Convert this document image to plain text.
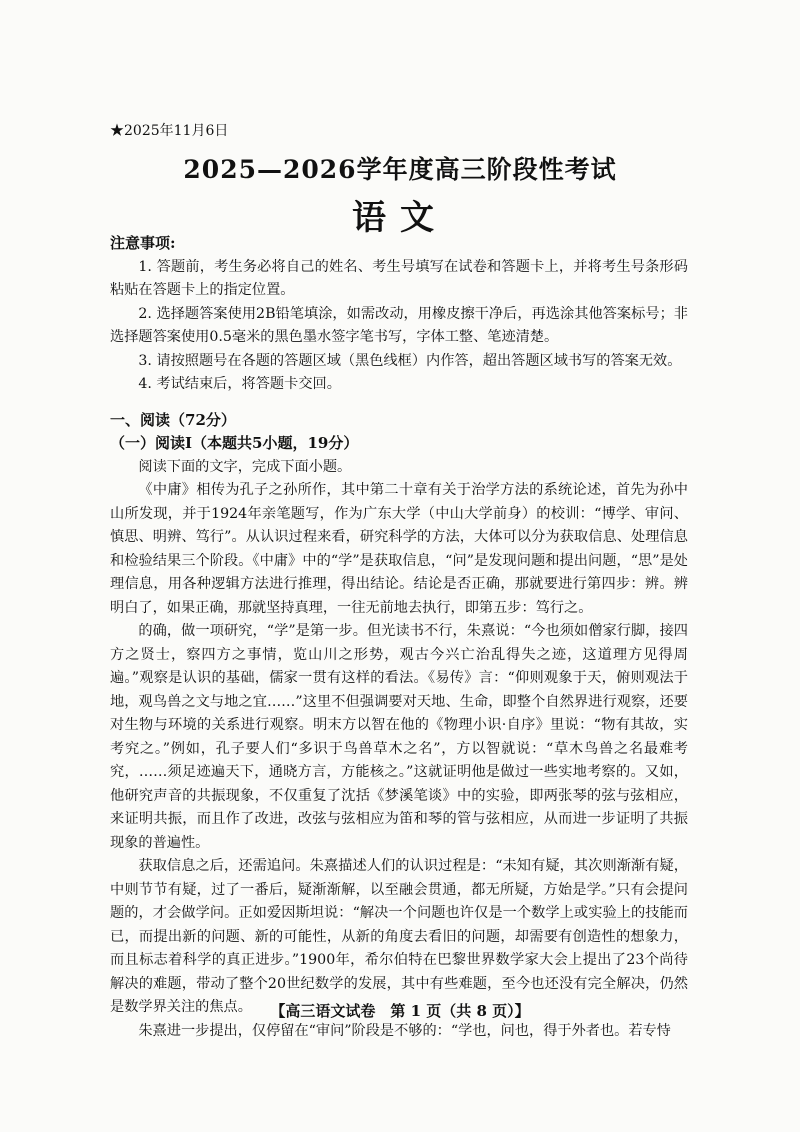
★2025年11月6日
2025—2026学年度高三阶段性考试
语文
注意事项:
1. 答题前，考生务必将自己的姓名、考生号填写在试卷和答题卡上，并将考生号条形码粘贴在答题卡上的指定位置。
2. 选择题答案使用2B铅笔填涂，如需改动，用橡皮擦干净后，再选涂其他答案标号；非选择题答案使用0.5毫米的黑色墨水签字笔书写，字体工整、笔迹清楚。
3. 请按照题号在各题的答题区域（黑色线框）内作答，超出答题区域书写的答案无效。
4. 考试结束后，将答题卡交回。
一、阅读（72分）
（一）阅读Ⅰ（本题共5小题，19分）
阅读下面的文字，完成下面小题。
《中庸》相传为孔子之孙所作，其中第二十章有关于治学方法的系统论述，首先为孙中山所发现，并于1924年亲笔题写，作为广东大学（中山大学前身）的校训：“博学、审问、慎思、明辨、笃行”。从认识过程来看，研究科学的方法，大体可以分为获取信息、处理信息和检验结果三个阶段。《中庸》中的“学”是获取信息，“问”是发现问题和提出问题，“思”是处理信息，用各种逻辑方法进行推理，得出结论。结论是否正确，那就要进行第四步：辨。辨明白了，如果正确，那就坚持真理，一往无前地去执行，即第五步：笃行之。
的确，做一项研究，“学”是第一步。但光读书不行，朱熹说：“今也须如僧家行脚，接四方之贤士，察四方之事情，览山川之形势，观古今兴亡治乱得失之迹，这道理方见得周遍。”观察是认识的基础，儒家一贯有这样的看法。《易传》言：“仰则观象于天，俯则观法于地，观鸟兽之文与地之宜……”这里不但强调要对天地、生命，即整个自然界进行观察，还要对生物与环境的关系进行观察。明末方以智在他的《物理小识·自序》里说：“物有其故，实考究之。”例如，孔子要人们“多识于鸟兽草木之名”，方以智就说：“草木鸟兽之名最难考究，……须足迹遍天下，通晓方言，方能核之。”这就证明他是做过一些实地考察的。又如，他研究声音的共振现象，不仅重复了沈括《梦溪笔谈》中的实验，即两张琴的弦与弦相应，来证明共振，而且作了改进，改弦与弦相应为笛和琴的管与弦相应，从而进一步证明了共振现象的普遍性。
获取信息之后，还需追问。朱熹描述人们的认识过程是：“未知有疑，其次则渐渐有疑，中则节节有疑，过了一番后，疑渐渐解，以至融会贯通，都无所疑，方始是学。”只有会提问题的，才会做学问。正如爱因斯坦说：“解决一个问题也许仅是一个数学上或实验上的技能而已，而提出新的问题、新的可能性，从新的角度去看旧的问题，却需要有创造性的想象力，而且标志着科学的真正进步。”1900年，希尔伯特在巴黎世界数学家大会上提出了23个尚待解决的难题，带动了整个20世纪数学的发展，其中有些难题，至今也还没有完全解决，仍然是数学界关注的焦点。
朱熹进一步提出，仅停留在“审问”阶段是不够的：“学也，问也，得于外者也。若专恃
【高三语文试卷　第 1 页（共 8 页）】
